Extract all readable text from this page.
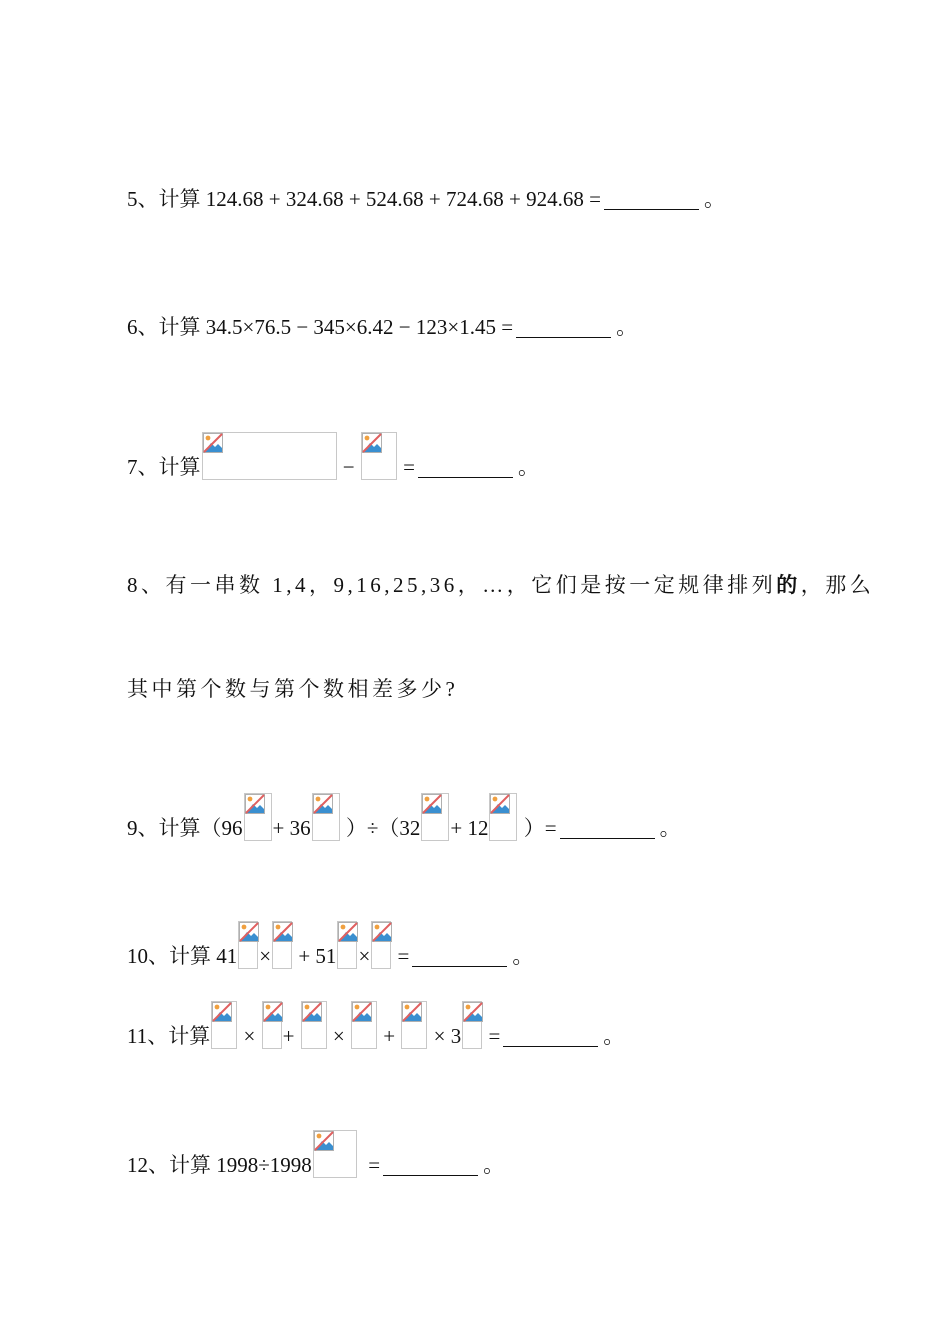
5、 计算
124.68 + 324.68 + 524.68 + 724.68 + 924.68 =	。
6、 计算
34.5×76.5 − 345×6.42 − 123×1.45 =	。
7、 计算
	−

=	。
8、 有一串数 1,4，9,16,25,36，…，它们是按一定规律排列 的 ，那么
其中第个数与第个数相差多少?
9、 计算 （96 + 36
）÷（32 + 12
）=	。
10、 计算
41 ×
+ 51 ×
=	。
11、 计算
×
+

×

+

× 3
=	。
12、 计算
1998÷1998
	=	。
